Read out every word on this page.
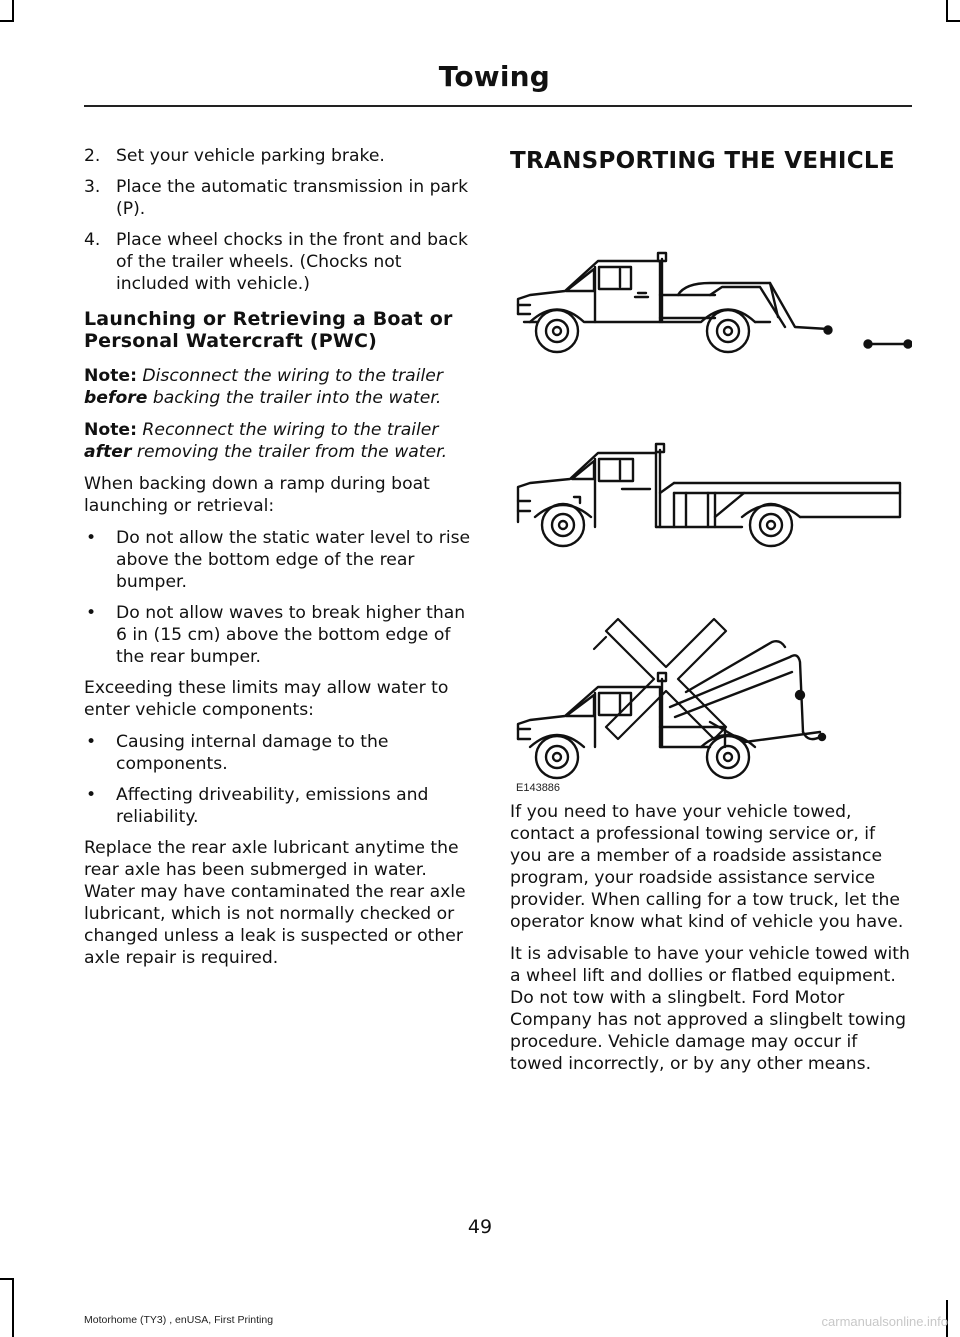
Towing
2. Set your vehicle parking brake.
3. Place the automatic transmission in park (P).
4. Place wheel chocks in the front and back of the trailer wheels. (Chocks not included with vehicle.)
Launching or Retrieving a Boat or Personal Watercraft (PWC)
Note: Disconnect the wiring to the trailer before backing the trailer into the water.
Note: Reconnect the wiring to the trailer after removing the trailer from the water.
When backing down a ramp during boat launching or retrieval:
•	Do not allow the static water level to rise above the bottom edge of the rear bumper.
•	Do not allow waves to break higher than 6 in (15 cm) above the bottom edge of the rear bumper.
Exceeding these limits may allow water to enter vehicle components:
•	Causing internal damage to the components.
•	Affecting driveability, emissions and reliability.
Replace the rear axle lubricant anytime the rear axle has been submerged in water. Water may have contaminated the rear axle lubricant, which is not normally checked or changed unless a leak is suspected or other axle repair is required.
TRANSPORTING THE VEHICLE
E143886
If you need to have your vehicle towed, contact a professional towing service or, if you are a member of a roadside assistance program, your roadside assistance service provider. When calling for a tow truck, let the operator know what kind of vehicle you have.
It is advisable to have your vehicle towed with a wheel lift and dollies or flatbed equipment. Do not tow with a slingbelt. Ford Motor Company has not approved a slingbelt towing procedure. Vehicle damage may occur if towed incorrectly, or by any other means.
49
Motorhome (TY3) , enUSA, First Printing	carmanualsonline.info
